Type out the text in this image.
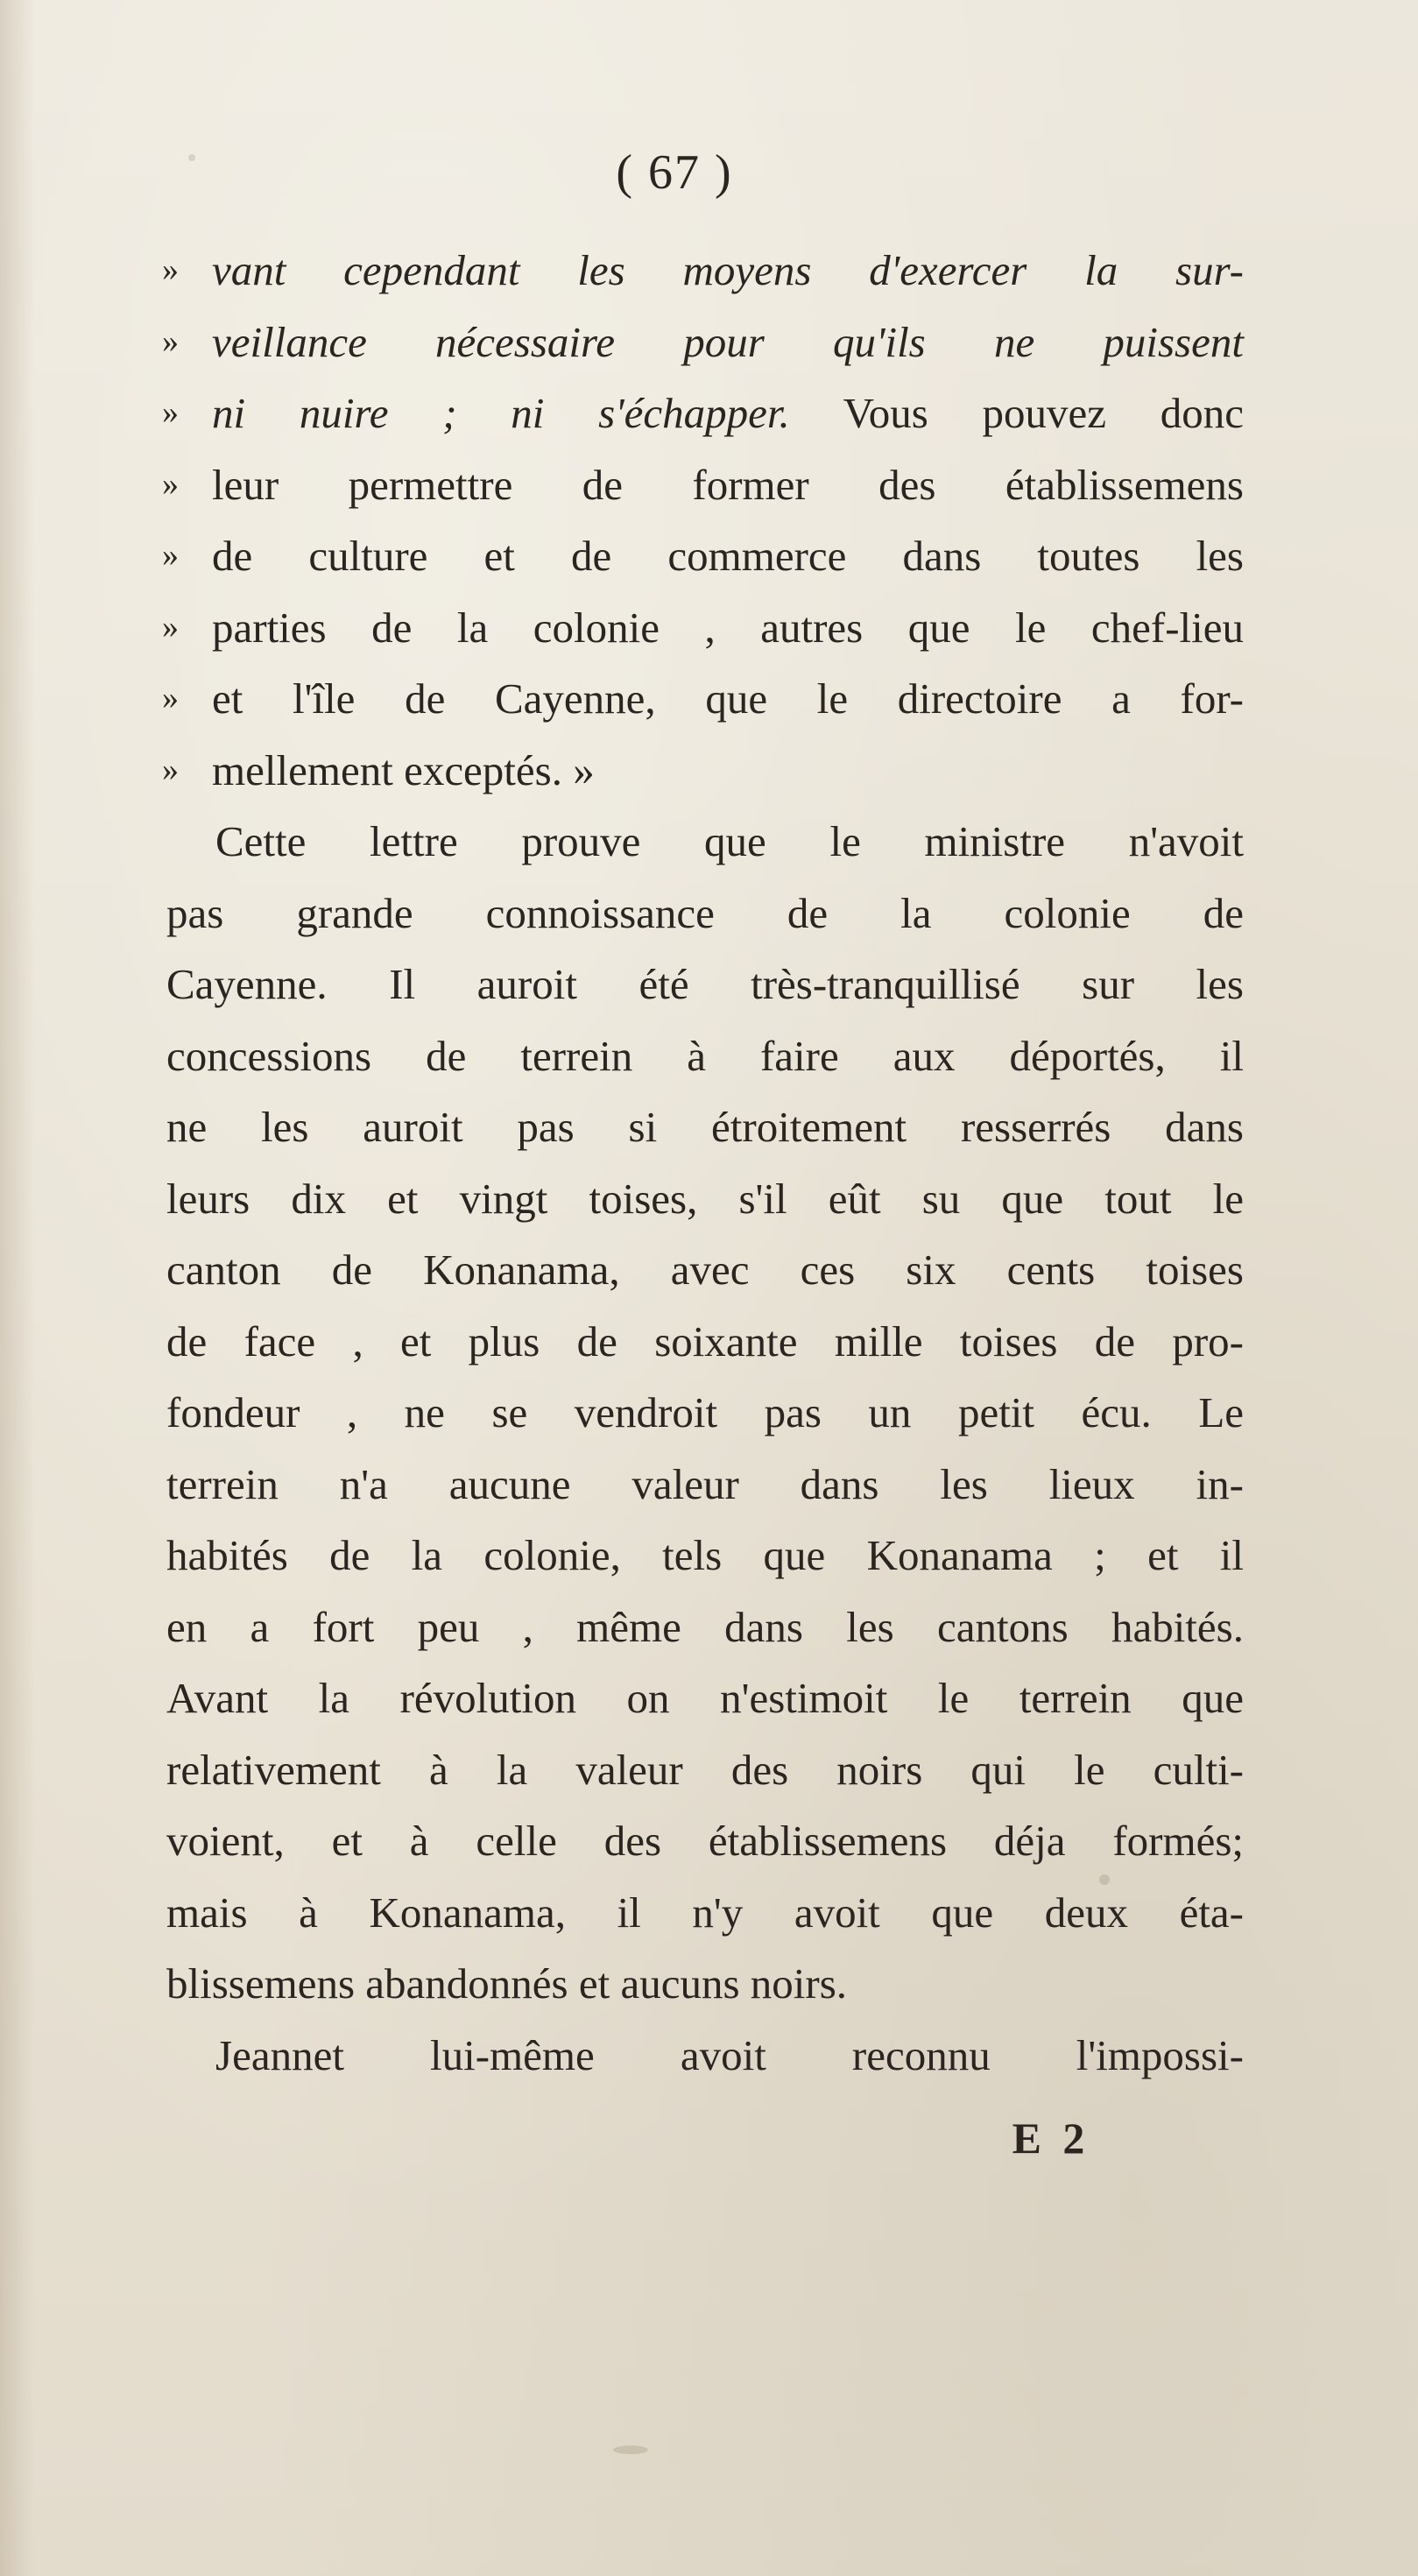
( 67 )
» vant cependant les moyens d'exercer la sur-
» veillance nécessaire pour qu'ils ne puissent
» ni nuire ; ni s'échapper. Vous pouvez donc
» leur permettre de former des établissemens
» de culture et de commerce dans toutes les
» parties de la colonie , autres que le chef-lieu
» et l'île de Cayenne, que le directoire a for-
» mellement exceptés. »
Cette lettre prouve que le ministre n'avoit
pas grande connoissance de la colonie de
Cayenne. Il auroit été très-tranquillisé sur les
concessions de terrein à faire aux déportés, il
ne les auroit pas si étroitement resserrés dans
leurs dix et vingt toises, s'il eût su que tout le
canton de Konanama, avec ces six cents toises
de face , et plus de soixante mille toises de pro-
fondeur , ne se vendroit pas un petit écu. Le
terrein n'a aucune valeur dans les lieux in-
habités de la colonie, tels que Konanama ; et il
en a fort peu , même dans les cantons habités.
Avant la révolution on n'estimoit le terrein que
relativement à la valeur des noirs qui le culti-
voient, et à celle des établissemens déja formés;
mais à Konanama, il n'y avoit que deux éta-
blissemens abandonnés et aucuns noirs.
Jeannet lui-même avoit reconnu l'impossi-
E 2
